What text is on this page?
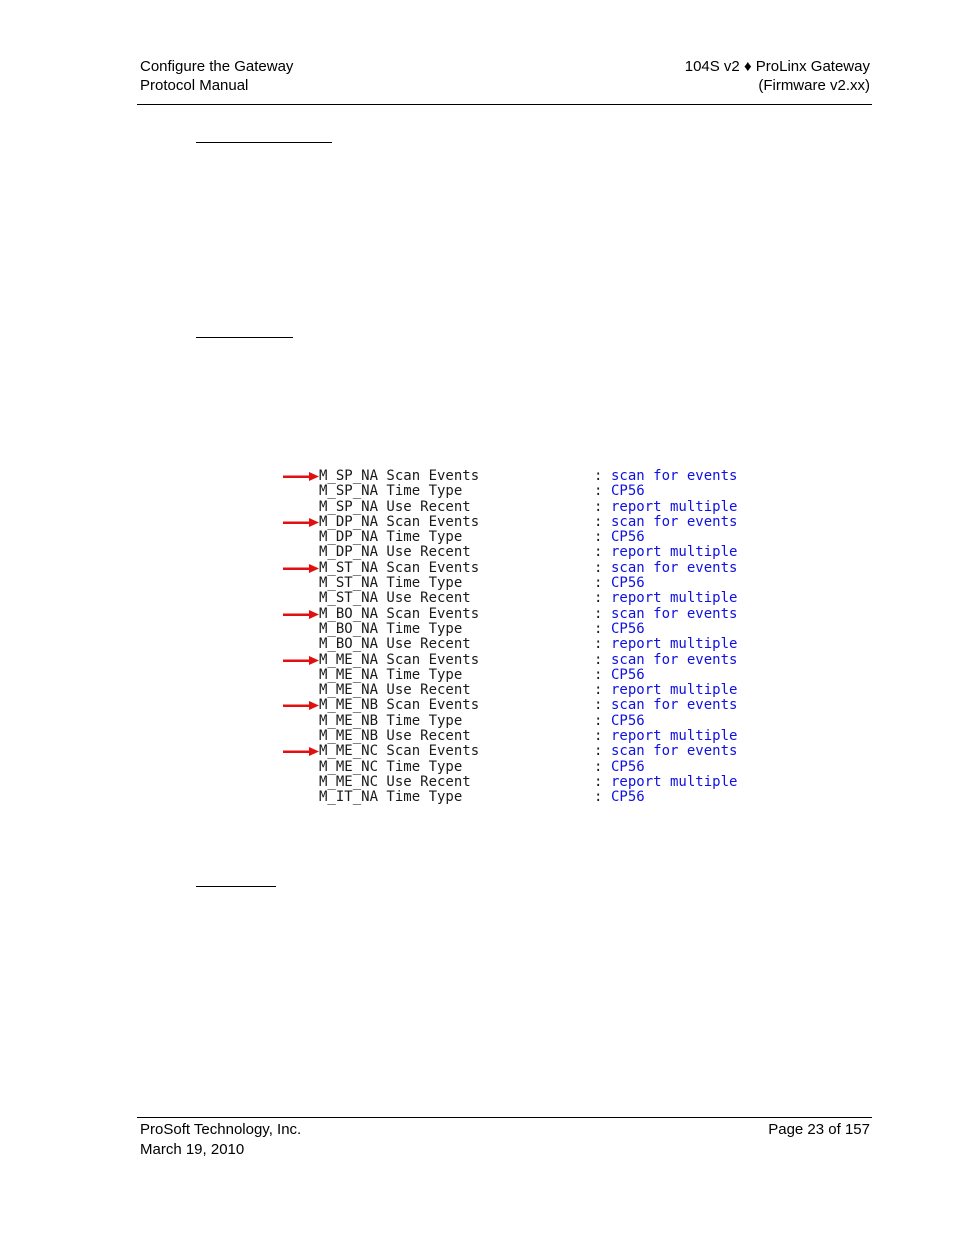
Configure the Gateway
Protocol Manual
104S v2 ♦ ProLinx Gateway
(Firmware v2.xx)
M_SP_NA Scan Events	: scan for events
M_SP_NA Time Type	: CP56
M_SP_NA Use Recent	: report multiple
M_DP_NA Scan Events	: scan for events
M_DP_NA Time Type	: CP56
M_DP_NA Use Recent	: report multiple
M_ST_NA Scan Events	: scan for events
M_ST_NA Time Type	: CP56
M_ST_NA Use Recent	: report multiple
M_BO_NA Scan Events	: scan for events
M_BO_NA Time Type	: CP56
M_BO_NA Use Recent	: report multiple
M_ME_NA Scan Events	: scan for events
M_ME_NA Time Type	: CP56
M_ME_NA Use Recent	: report multiple
M_ME_NB Scan Events	: scan for events
M_ME_NB Time Type	: CP56
M_ME_NB Use Recent	: report multiple
M_ME_NC Scan Events	: scan for events
M_ME_NC Time Type	: CP56
M_ME_NC Use Recent	: report multiple
M_IT_NA Time Type	: CP56
ProSoft Technology, Inc.
March 19, 2010
Page 23 of 157
